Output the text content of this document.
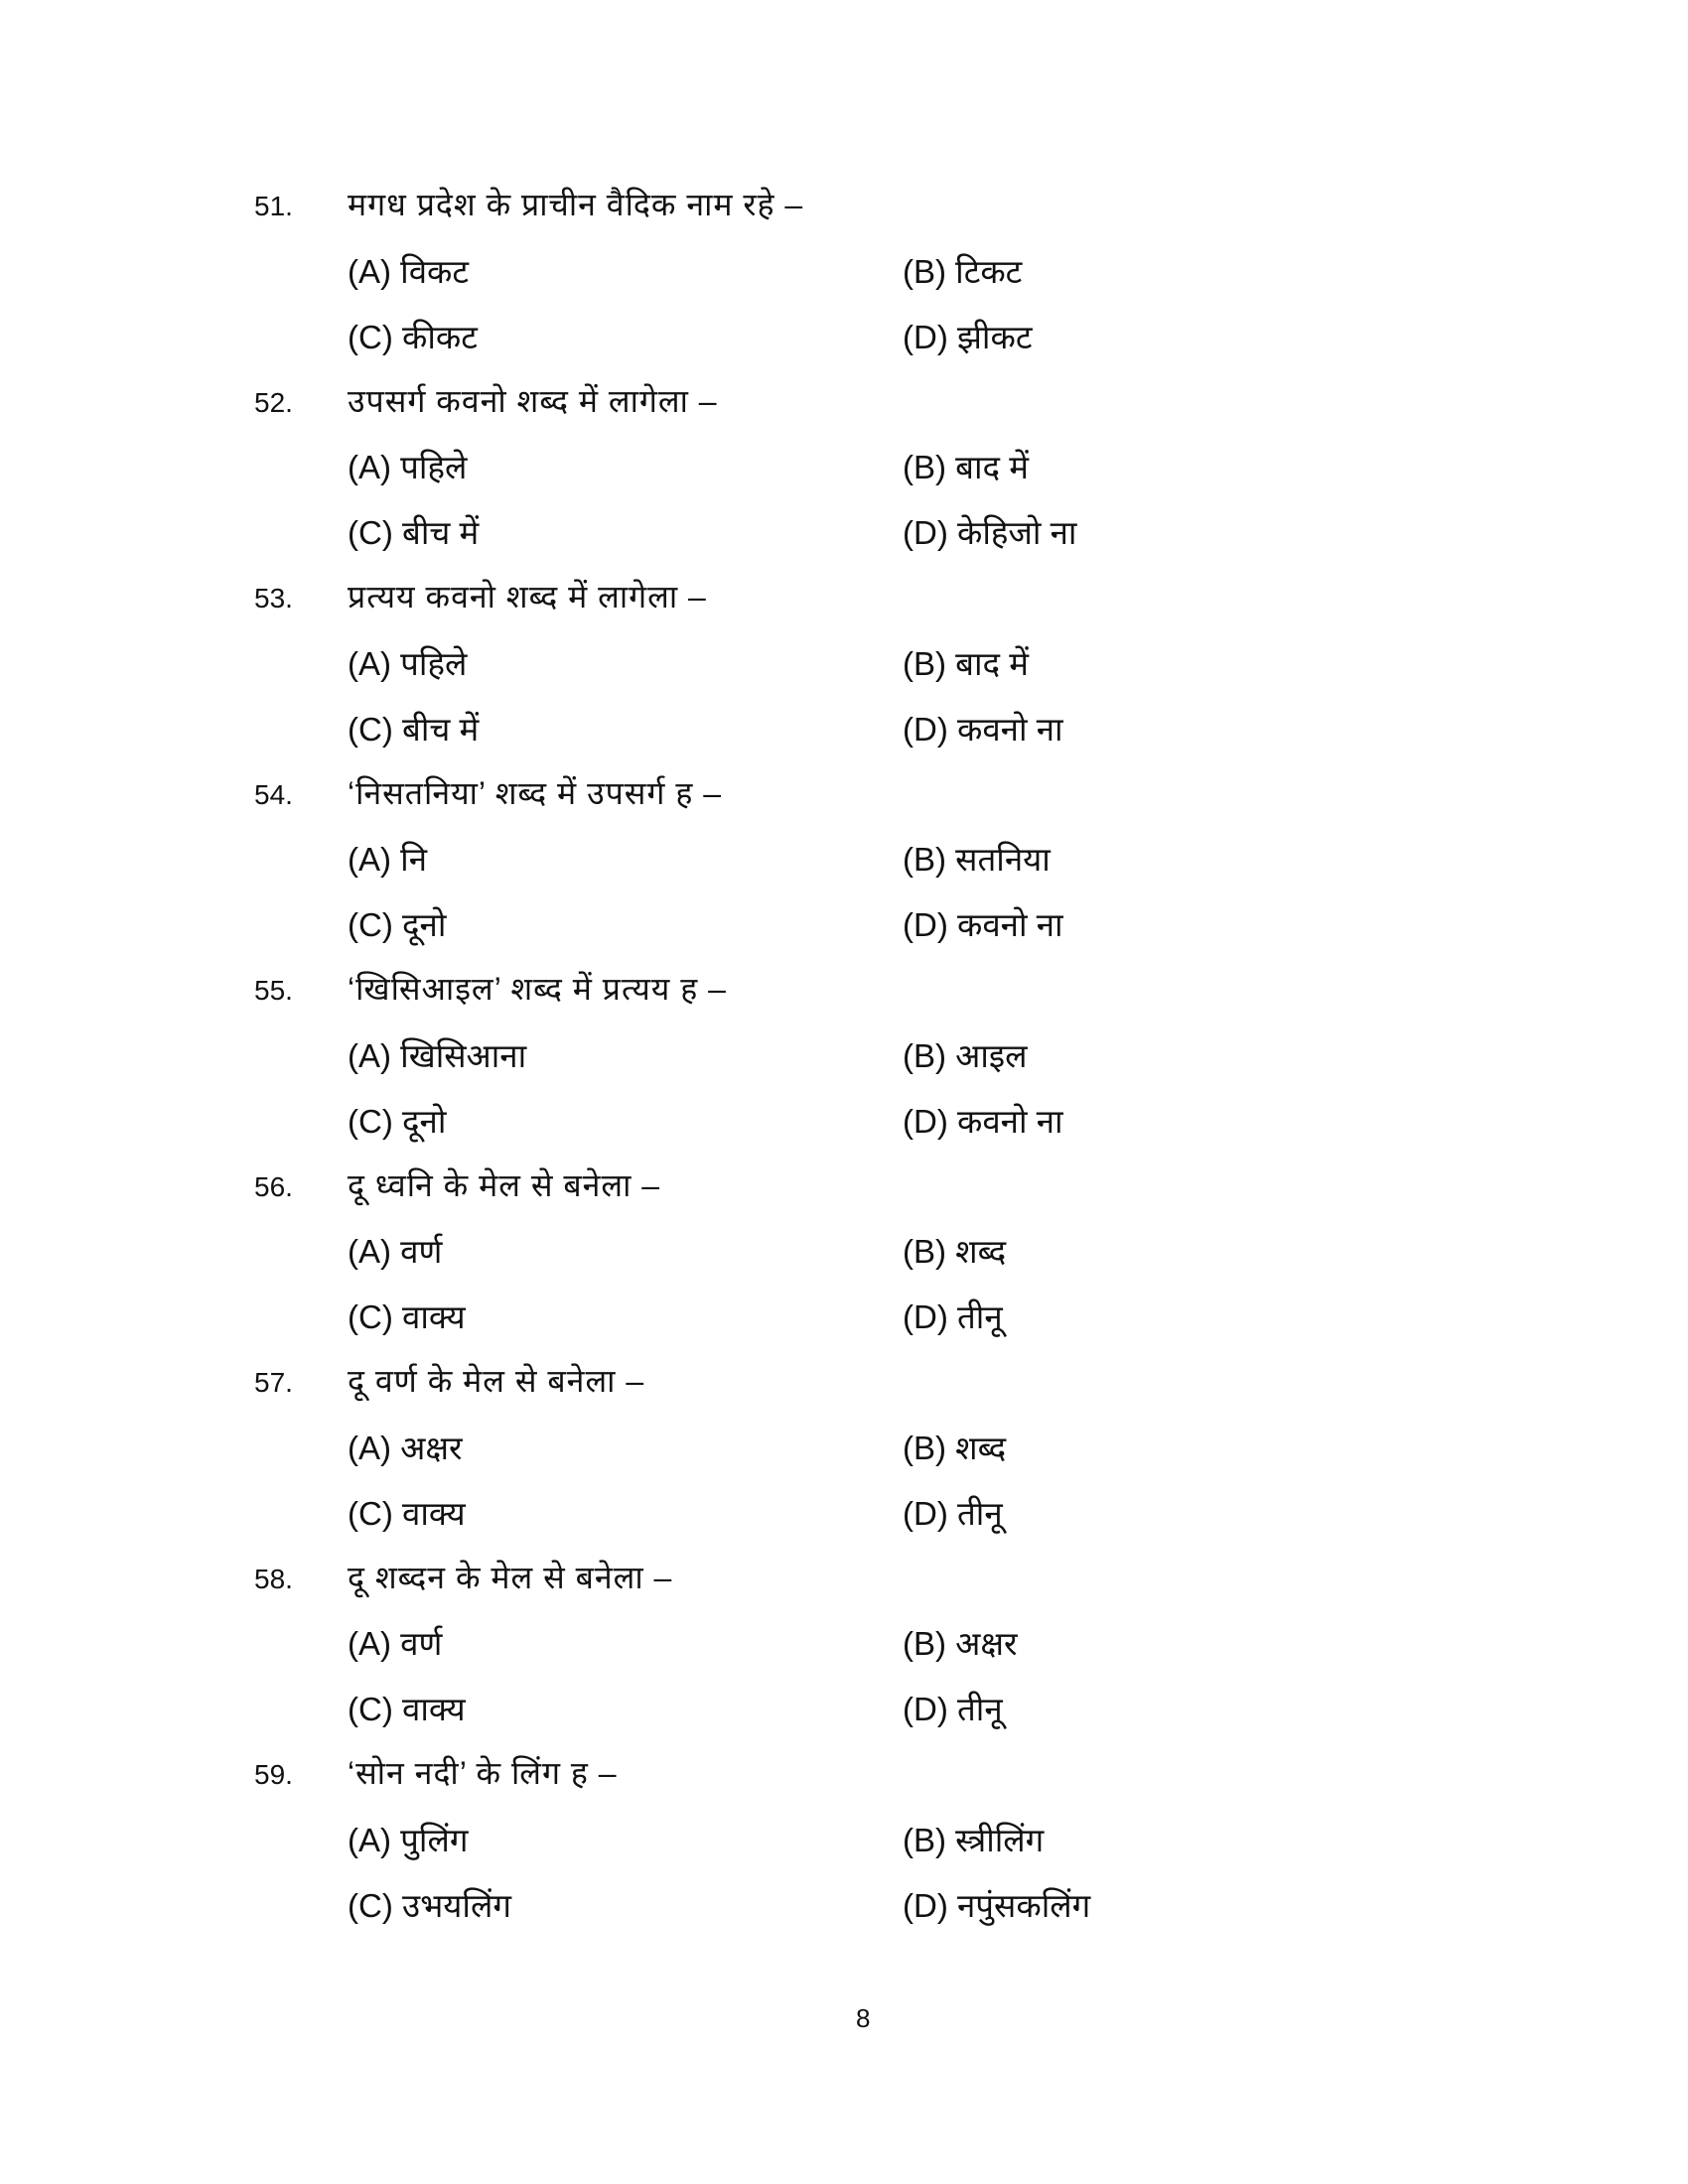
51. मगध प्रदेश के प्राचीन वैदिक नाम रहे –
(A) विकट	(B) टिकट
(C) कीकट	(D) झीकट
52. उपसर्ग कवनो शब्द में लागेला –
(A) पहिले	(B) बाद में
(C) बीच में	(D) केहिजो ना
53. प्रत्यय कवनो शब्द में लागेला –
(A) पहिले	(B) बाद में
(C) बीच में	(D) कवनो ना
54. ‘निसतनिया’ शब्द में उपसर्ग ह –
(A) नि	(B) सतनिया
(C) दूनो	(D) कवनो ना
55. ‘खिसिआइल’ शब्द में प्रत्यय ह –
(A) खिसिआना	(B) आइल
(C) दूनो	(D) कवनो ना
56. दू ध्वनि के मेल से बनेला –
(A) वर्ण	(B) शब्द
(C) वाक्य	(D) तीनू
57. दू वर्ण के मेल से बनेला –
(A) अक्षर	(B) शब्द
(C) वाक्य	(D) तीनू
58. दू शब्दन के मेल से बनेला –
(A) वर्ण	(B) अक्षर
(C) वाक्य	(D) तीनू
59. ‘सोन नदी’ के लिंग ह –
(A) पुलिंग	(B) स्त्रीलिंग
(C) उभयलिंग	(D) नपुंसकलिंग
8
